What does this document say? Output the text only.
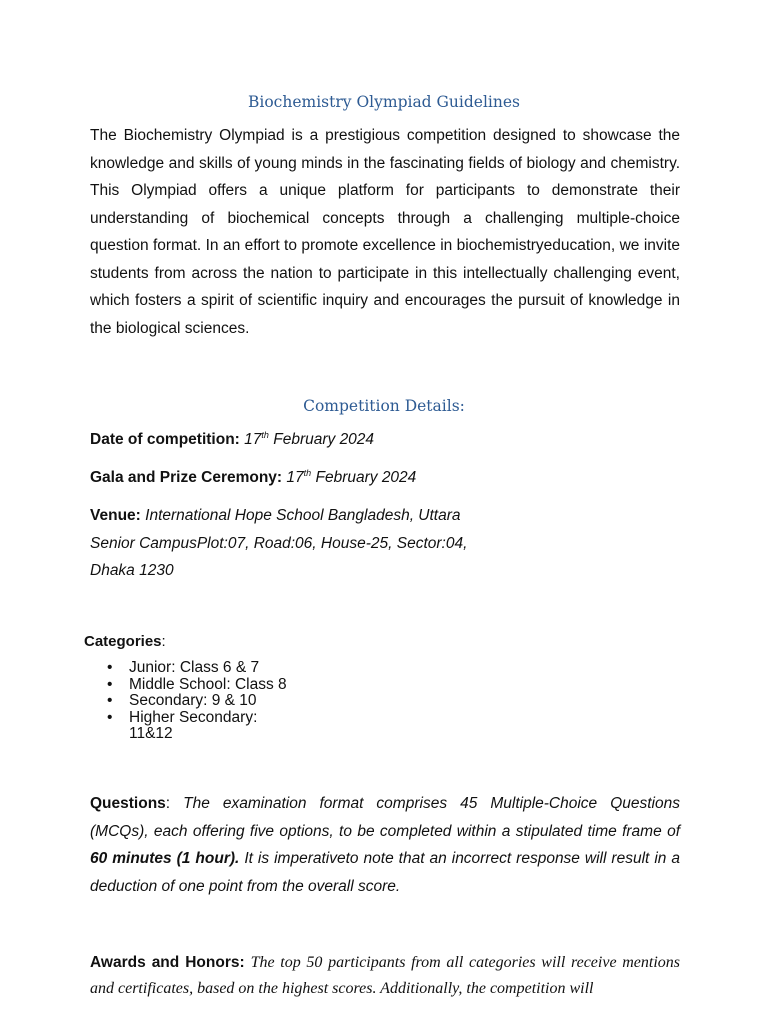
Biochemistry Olympiad Guidelines
The Biochemistry Olympiad is a prestigious competition designed to showcase the knowledge and skills of young minds in the fascinating fields of biology and chemistry. This Olympiad offers a unique platform for participants to demonstrate their understanding of biochemical concepts through a challenging multiple-choice question format. In an effort to promote excellence in biochemistryeducation, we invite students from across the nation to participate in this intellectually challenging event, which fosters a spirit of scientific inquiry and encourages the pursuit of knowledge in the biological sciences.
Competition Details:
Date of competition: 17th February 2024
Gala and Prize Ceremony: 17th February 2024
Venue: International Hope School Bangladesh, Uttara
Senior CampusPlot:07, Road:06, House-25, Sector:04,
Dhaka 1230
Categories:
• Junior: Class 6 & 7
• Middle School: Class 8
• Secondary: 9 & 10
• Higher Secondary: 11&12
Questions: The examination format comprises 45 Multiple-Choice Questions (MCQs), each offering five options, to be completed within a stipulated time frame of 60 minutes (1 hour). It is imperativeto note that an incorrect response will result in a deduction of one point from the overall score.
Awards and Honors: The top 50 participants from all categories will receive mentions and certificates, based on the highest scores. Additionally, the competition will
